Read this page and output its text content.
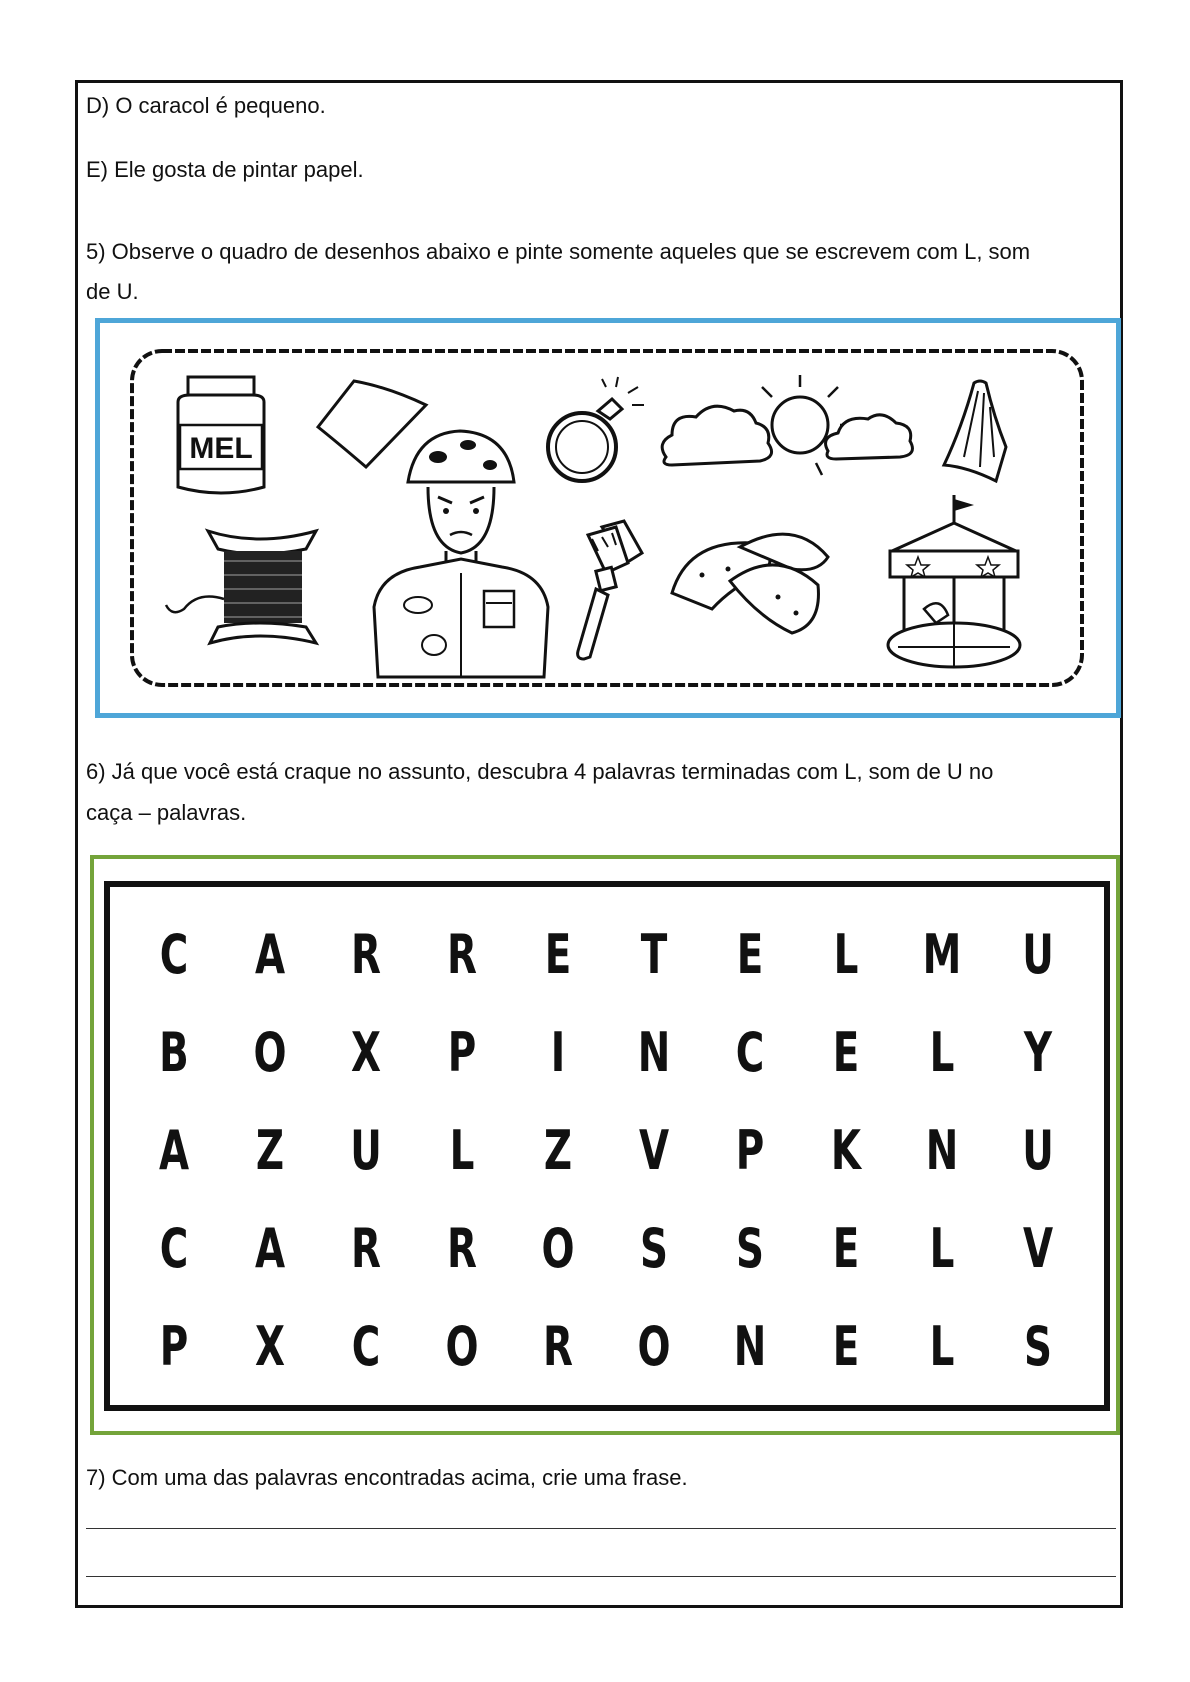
D) O caracol é pequeno.
E) Ele gosta de pintar papel.
5) Observe o quadro de desenhos abaixo e pinte somente aqueles que se escrevem com L, som
de U.
MEL
6) Já que você está craque no assunto, descubra 4 palavras terminadas com L, som de U no
caça – palavras.
C	A	R	R	E	T	E	L	M	U
B	O	X	P	I	N	C	E	L	Y
A	Z	U	L	Z	V	P	K	N	U
C	A	R	R	O	S	S	E	L	V
P	X	C	O	R	O	N	E	L	S
7) Com uma das palavras encontradas acima, crie uma frase.
